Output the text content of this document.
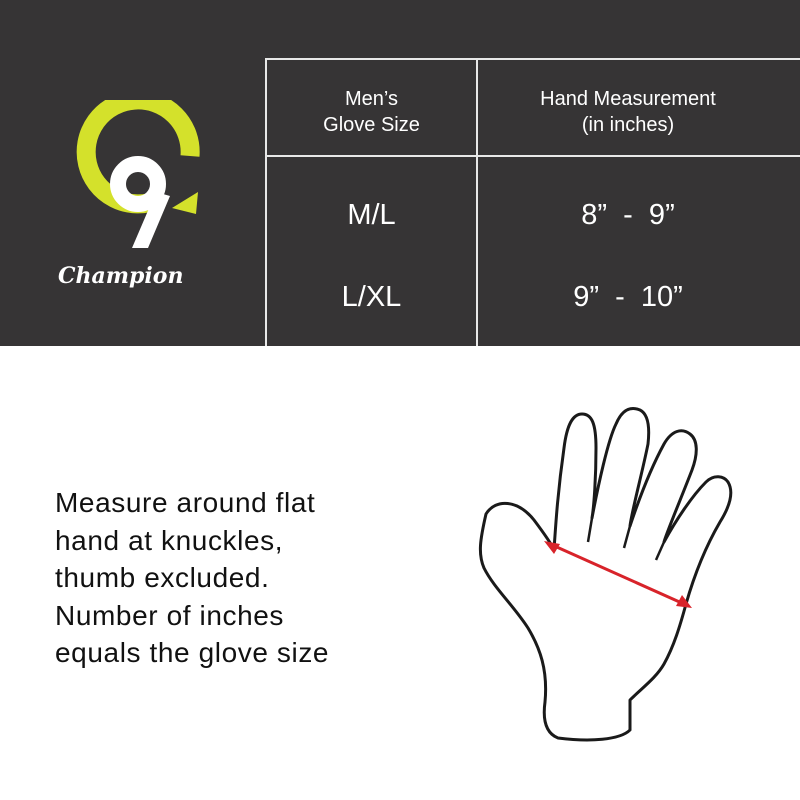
Champion
Men’s
Glove Size
Hand Measurement
(in inches)
M/L	8”  -  9”
L/XL	9”  -  10”
Measure around flat
hand at knuckles,
thumb excluded.
Number of inches
equals the glove size
